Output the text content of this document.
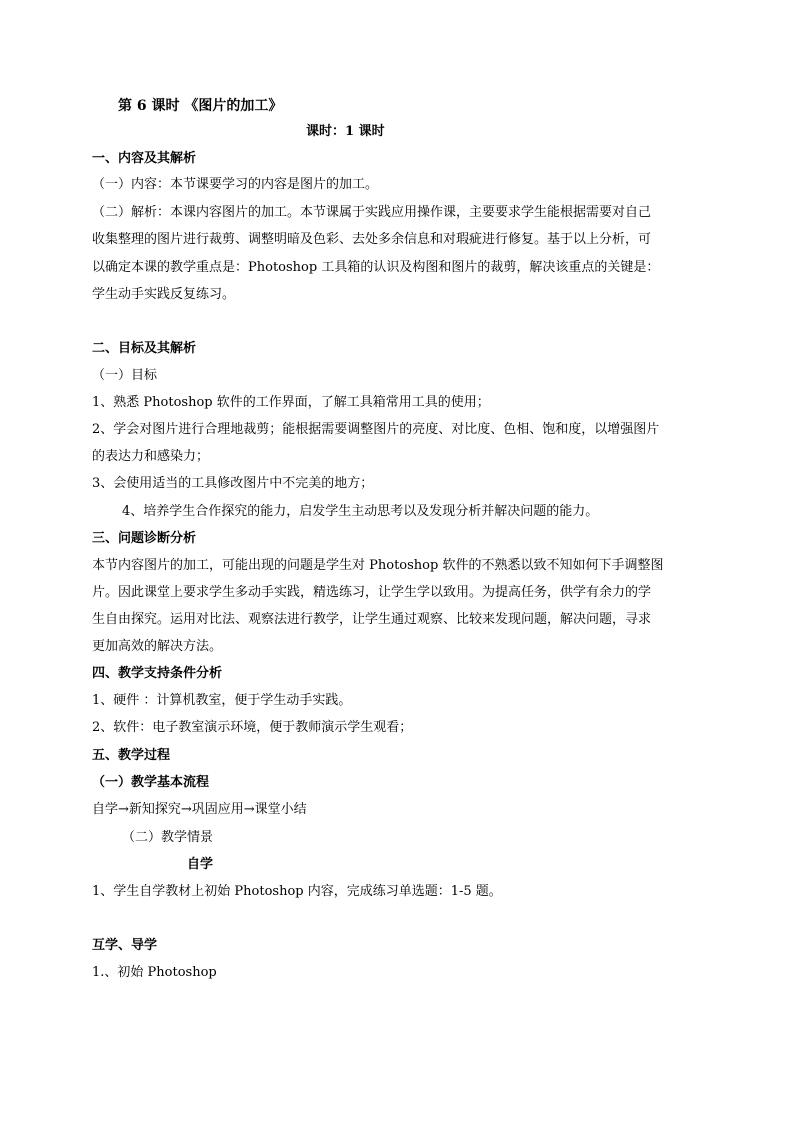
第 6 课时 《图片的加工》
课时：1 课时
一、内容及其解析
（一）内容：本节课要学习的内容是图片的加工。
（二）解析：本课内容图片的加工。本节课属于实践应用操作课，主要要求学生能根据需要对自己
收集整理的图片进行裁剪、调整明暗及色彩、去处多余信息和对瑕疵进行修复。基于以上分析，可
以确定本课的教学重点是：Photoshop 工具箱的认识及构图和图片的裁剪，解决该重点的关键是：
学生动手实践反复练习。
二、目标及其解析
（一）目标
1、熟悉 Photoshop 软件的工作界面，了解工具箱常用工具的使用；
2、学会对图片进行合理地裁剪；能根据需要调整图片的亮度、对比度、色相、饱和度，以增强图片
的表达力和感染力；
3、会使用适当的工具修改图片中不完美的地方；
4、培养学生合作探究的能力，启发学生主动思考以及发现分析并解决问题的能力。
三、问题诊断分析
本节内容图片的加工，可能出现的问题是学生对 Photoshop 软件的不熟悉以致不知如何下手调整图
片。因此课堂上要求学生多动手实践，精选练习，让学生学以致用。为提高任务，供学有余力的学
生自由探究。运用对比法、观察法进行教学，让学生通过观察、比较来发现问题，解决问题，寻求
更加高效的解决方法。
四、教学支持条件分析
1、硬件 ：计算机教室，便于学生动手实践。
2、软件：电子教室演示环境，便于教师演示学生观看；
五、教学过程
（一）教学基本流程
自学→新知探究→巩固应用→课堂小结
（二）教学情景
自学
1、学生自学教材上初始 Photoshop 内容，完成练习单选题：1-5 题。
互学、导学
1.、初始 Photoshop
